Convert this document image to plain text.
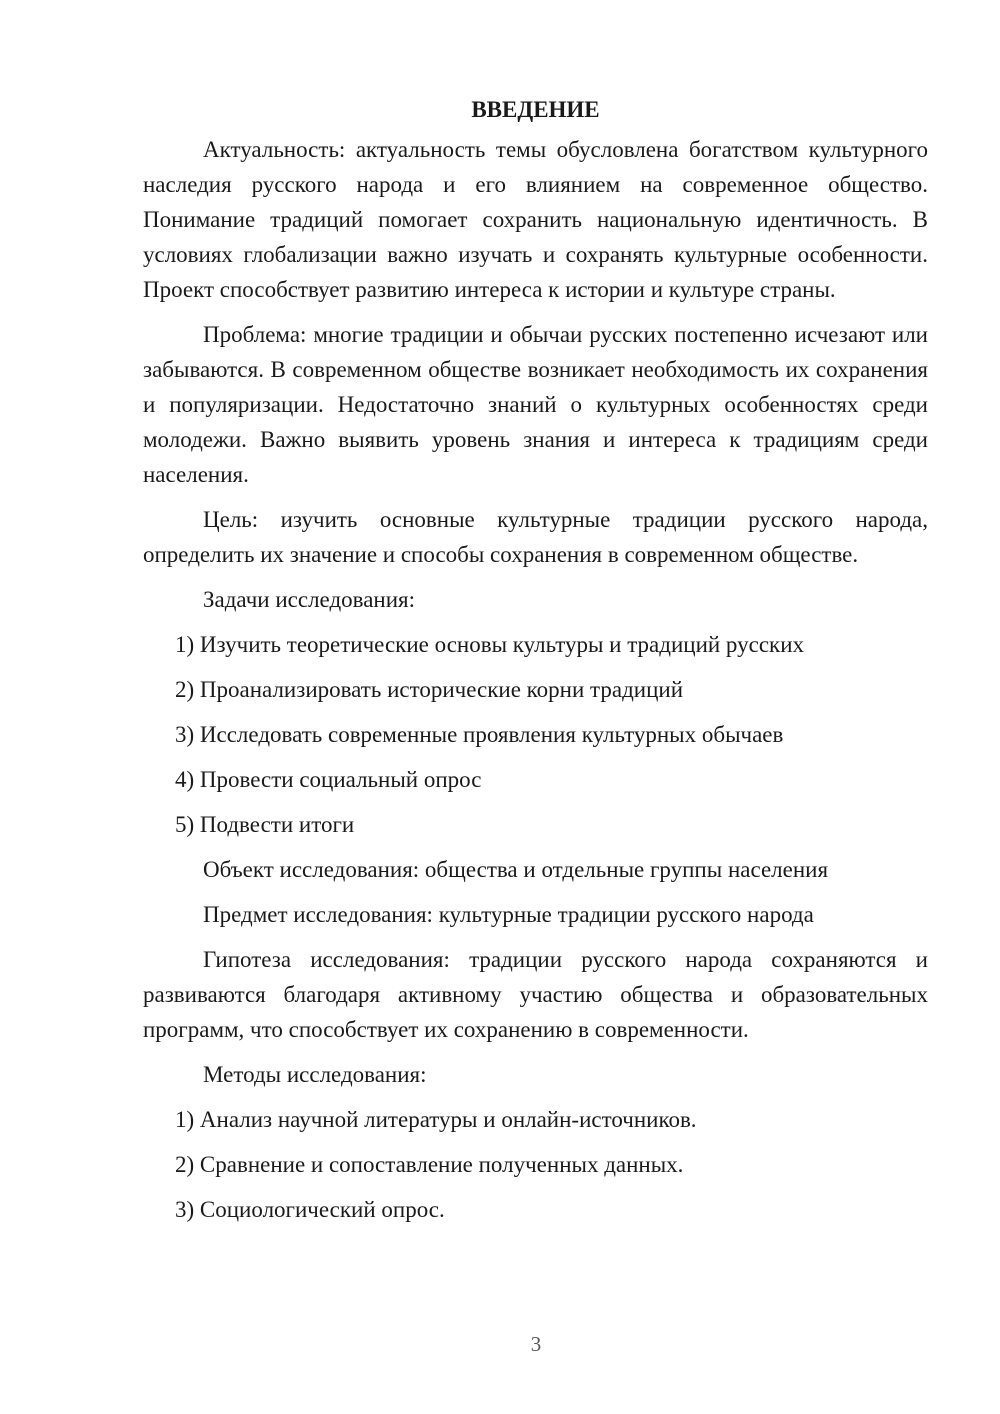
ВВЕДЕНИЕ

Актуальность: актуальность темы обусловлена богатством культурного наследия русского народа и его влиянием на современное общество. Понимание традиций помогает сохранить национальную идентичность. В условиях глобализации важно изучать и сохранять культурные особенности. Проект способствует развитию интереса к истории и культуре страны.

Проблема: многие традиции и обычаи русских постепенно исчезают или забываются. В современном обществе возникает необходимость их сохранения и популяризации. Недостаточно знаний о культурных особенностях среди молодежи. Важно выявить уровень знания и интереса к традициям среди населения.

Цель: изучить основные культурные традиции русского народа, определить их значение и способы сохранения в современном обществе.

Задачи исследования:
1) Изучить теоретические основы культуры и традиций русских
2) Проанализировать исторические корни традиций
3) Исследовать современные проявления культурных обычаев
4) Провести социальный опрос
5) Подвести итоги
Объект исследования: общества и отдельные группы населения
Предмет исследования: культурные традиции русского народа

Гипотеза исследования: традиции русского народа сохраняются и развиваются благодаря активному участию общества и образовательных программ, что способствует их сохранению в современности.

Методы исследования:
1) Анализ научной литературы и онлайн-источников.
2) Сравнение и сопоставление полученных данных.
3) Социологический опрос.
3
